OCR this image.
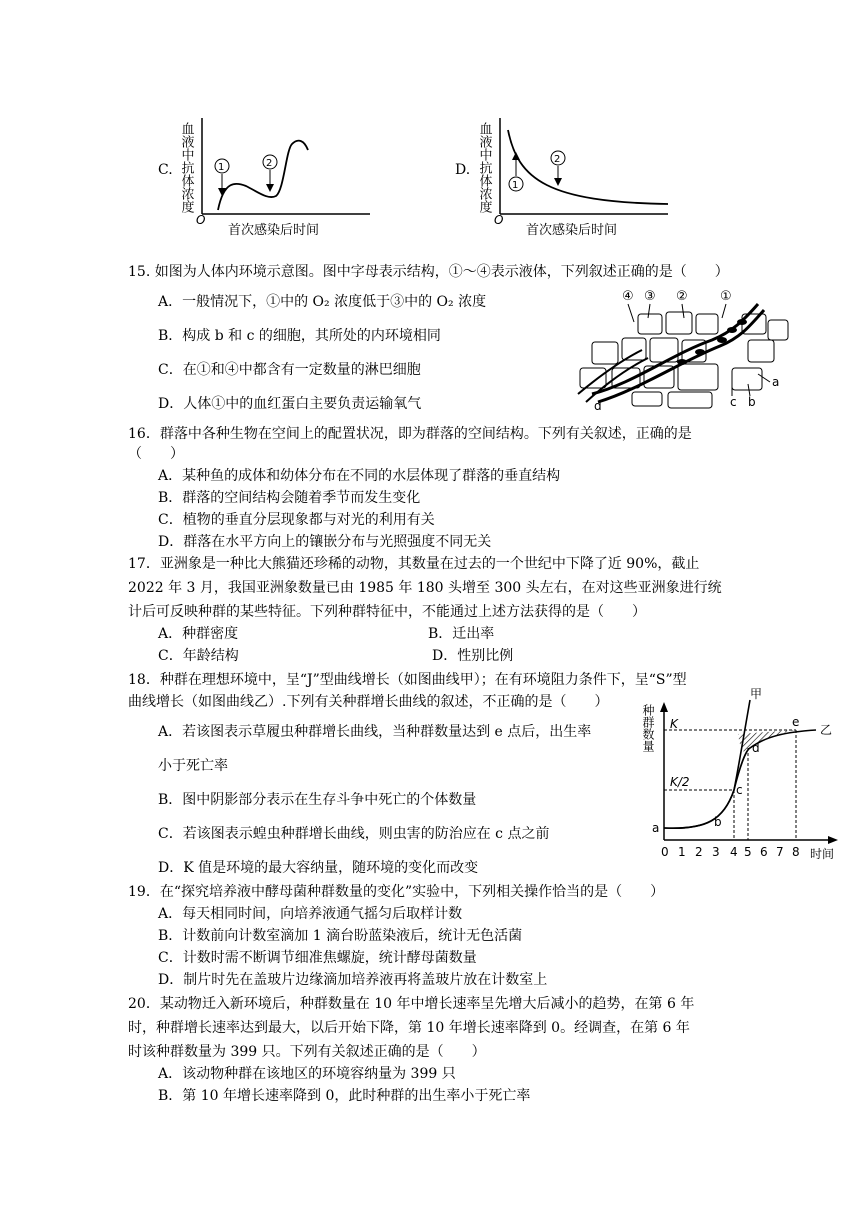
C. 血液中抗体浓度
O
首次感染后时间
1	2	D. 血液中抗体浓度
O
首次感染后时间
1
2
15. 如图为人体内环境示意图。图中字母表示结构，①～④表示液体，下列叙述正确的是（　　）
A．一般情况下，①中的 O₂ 浓度低于③中的 O₂ 浓度
B．构成 b 和 c 的细胞，其所处的内环境相同
C．在①和④中都含有一定数量的淋巴细胞
D．人体①中的血红蛋白主要负责运输氧气
④ ③ ② ①
a
b
c
d
16．群落中各种生物在空间上的配置状况，即为群落的空间结构。下列有关叙述，正确的是
（　　）
A．某种鱼的成体和幼体分布在不同的水层体现了群落的垂直结构
B．群落的空间结构会随着季节而发生变化
C．植物的垂直分层现象都与对光的利用有关
D．群落在水平方向上的镶嵌分布与光照强度不同无关
17．亚洲象是一种比大熊猫还珍稀的动物，其数量在过去的一个世纪中下降了近 90%，截止
2022 年 3 月，我国亚洲象数量已由 1985 年 180 头增至 300 头左右，在对这些亚洲象进行统
计后可反映种群的某些特征。下列种群特征中，不能通过上述方法获得的是（　　）
A．种群密度	B．迁出率
C．年龄结构	D．性别比例
18．种群在理想环境中，呈“J”型曲线增长（如图曲线甲）；在有环境阻力条件下，呈“S”型
曲线增长（如图曲线乙）.下列有关种群增长曲线的叙述，不正确的是（　　）
A．若该图表示草履虫种群增长曲线，当种群数量达到 e 点后，出生率
小于死亡率
B．图中阴影部分表示在生存斗争中死亡的个体数量
C．若该图表示蝗虫种群增长曲线，则虫害的防治应在 c 点之前
D．K 值是环境的最大容纳量，随环境的变化而改变
种群数量
时间
K
K/2
甲
乙
a	b
c
d
e
0 1 2 3 4 5 6 7 8
19．在“探究培养液中酵母菌种群数量的变化”实验中，下列相关操作恰当的是（　　）
A．每天相同时间，向培养液通气摇匀后取样计数
B．计数前向计数室滴加 1 滴台盼蓝染液后，统计无色活菌
C．计数时需不断调节细准焦螺旋，统计酵母菌数量
D．制片时先在盖玻片边缘滴加培养液再将盖玻片放在计数室上
20．某动物迁入新环境后，种群数量在 10 年中增长速率呈先增大后减小的趋势，在第 6 年
时，种群增长速率达到最大，以后开始下降，第 10 年增长速率降到 0。经调查，在第 6 年
时该种群数量为 399 只。下列有关叙述正确的是（　　）
A．该动物种群在该地区的环境容纳量为 399 只
B．第 10 年增长速率降到 0，此时种群的出生率小于死亡率
